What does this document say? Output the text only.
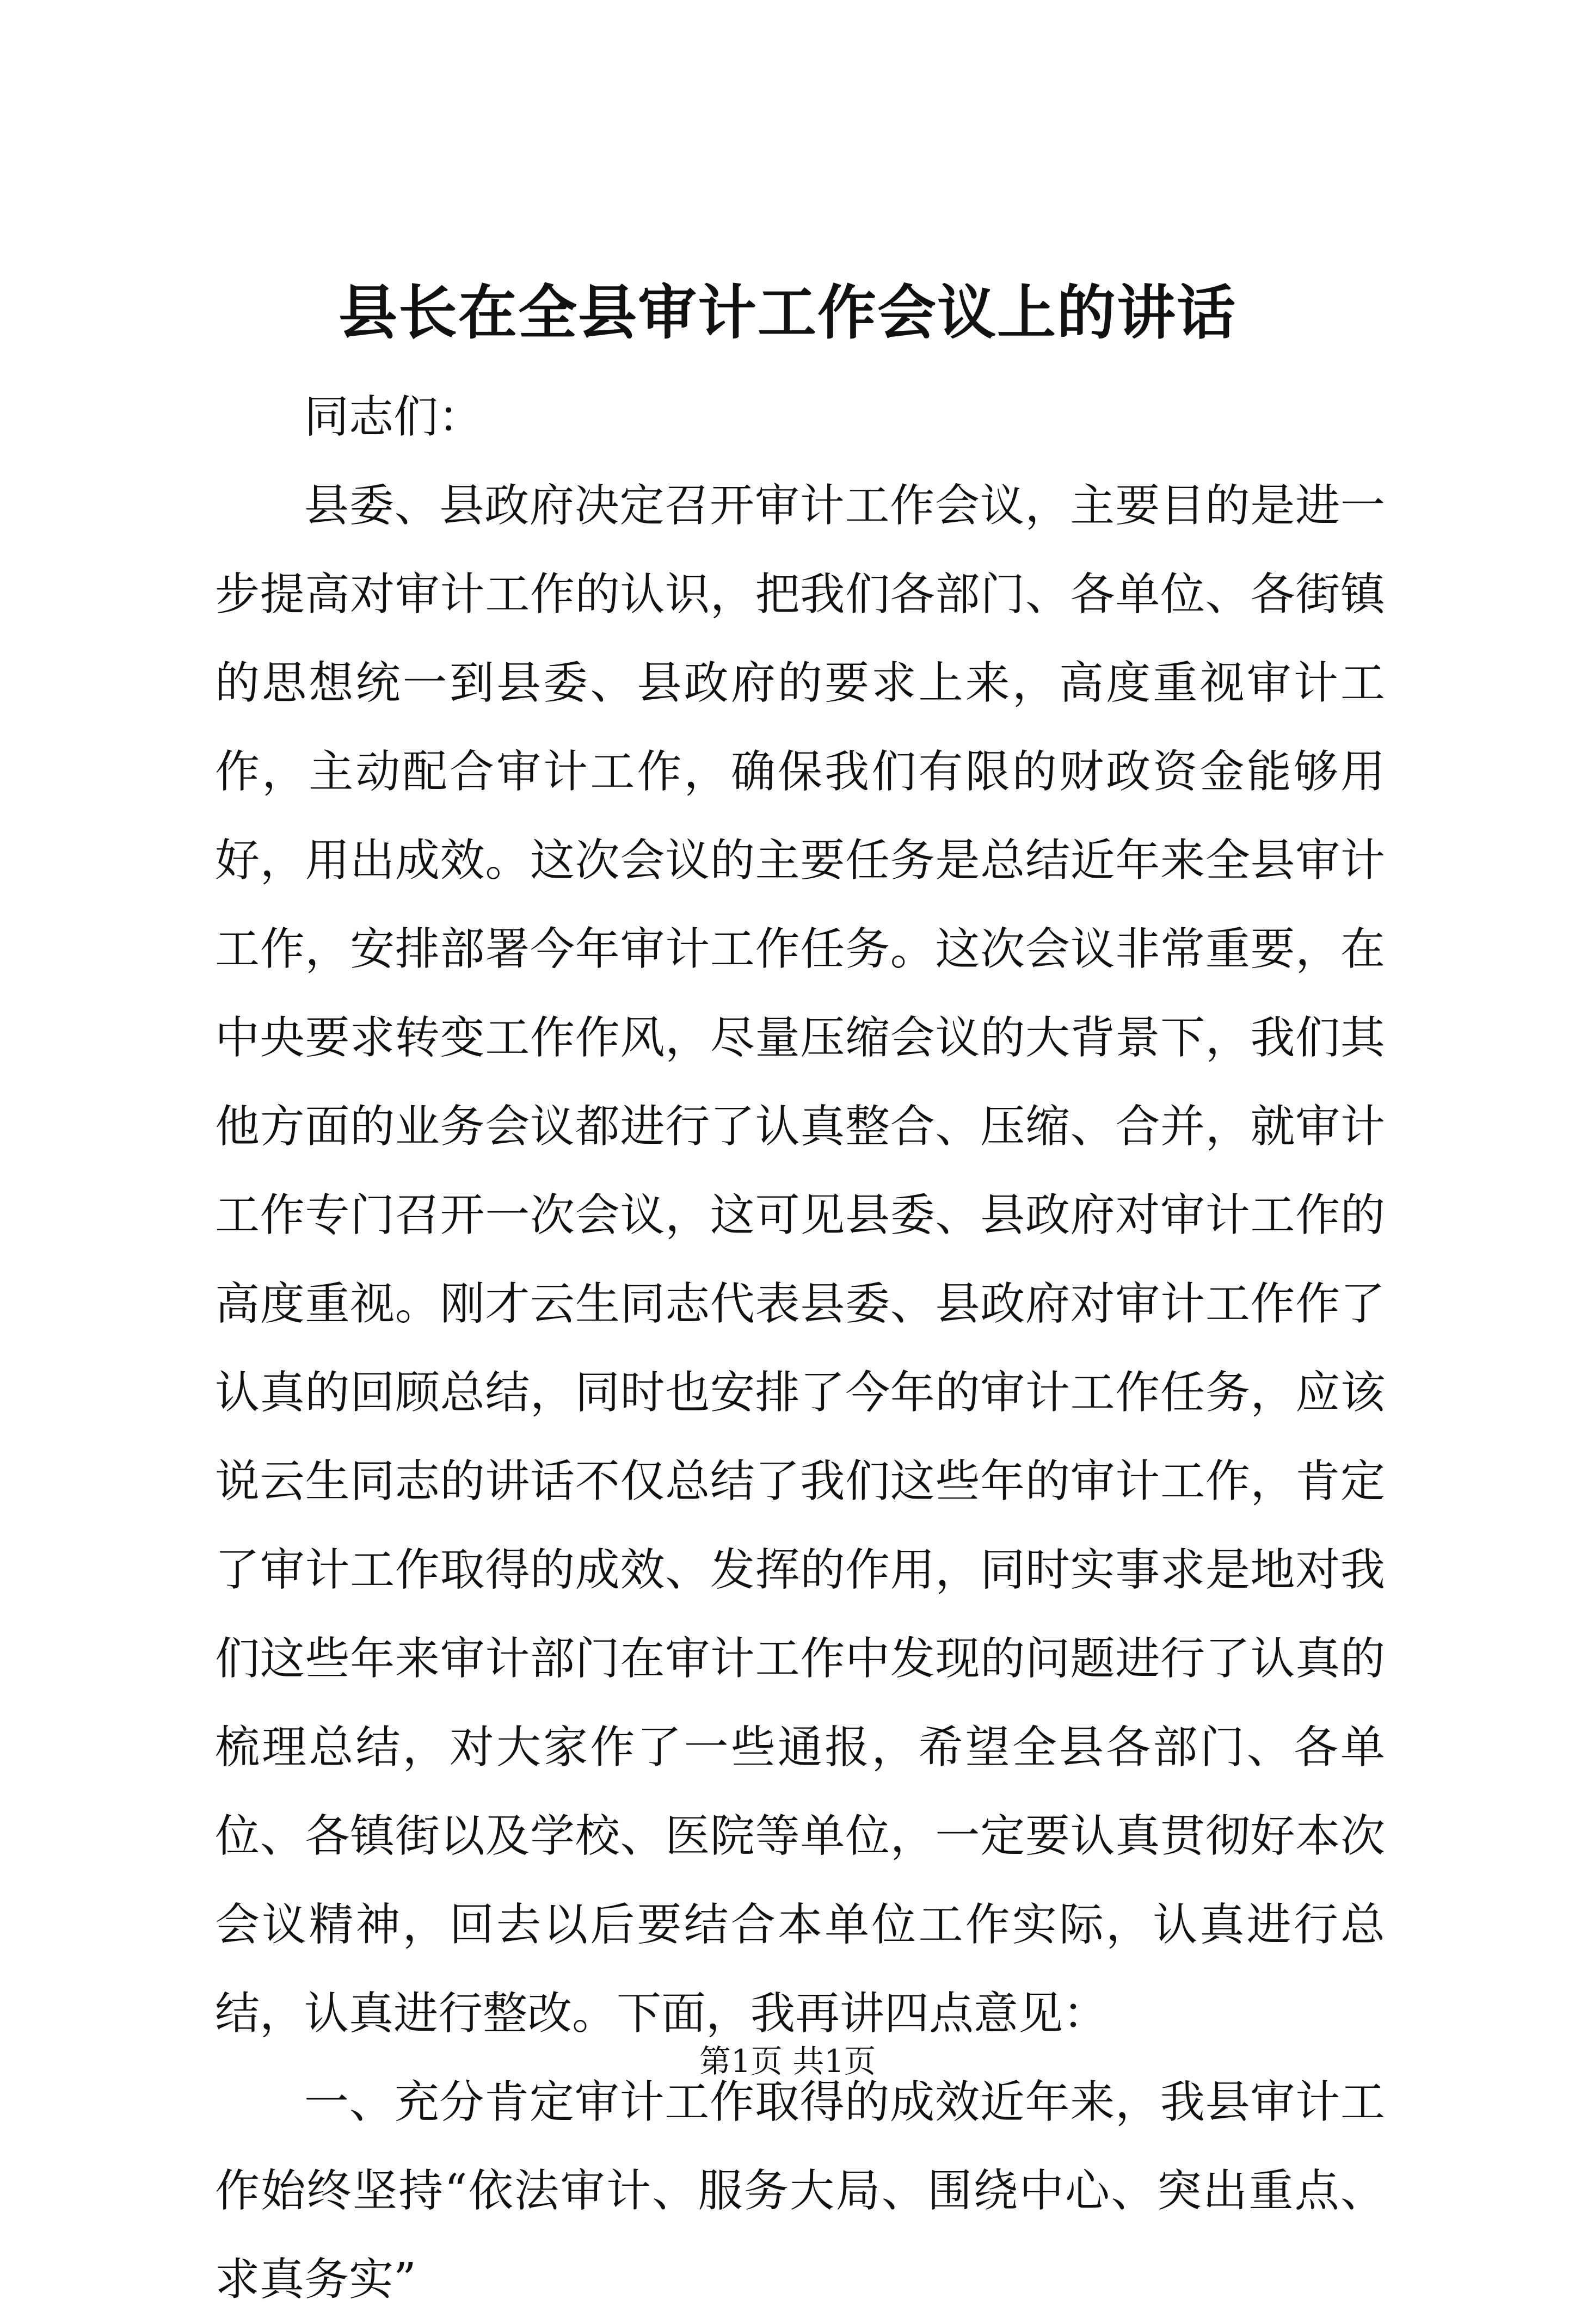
县长在全县审计工作会议上的讲话

同志们：

县委、县政府决定召开审计工作会议，主要目的是进一步提高对审计工作的认识，把我们各部门、各单位、各街镇的思想统一到县委、县政府的要求上来，高度重视审计工作，主动配合审计工作，确保我们有限的财政资金能够用好，用出成效。这次会议的主要任务是总结近年来全县审计工作，安排部署今年审计工作任务。这次会议非常重要，在中央要求转变工作作风，尽量压缩会议的大背景下，我们其他方面的业务会议都进行了认真整合、压缩、合并，就审计工作专门召开一次会议，这可见县委、县政府对审计工作的高度重视。刚才云生同志代表县委、县政府对审计工作作了认真的回顾总结，同时也安排了今年的审计工作任务，应该说云生同志的讲话不仅总结了我们这些年的审计工作，肯定了审计工作取得的成效、发挥的作用，同时实事求是地对我们这些年来审计部门在审计工作中发现的问题进行了认真的梳理总结，对大家作了一些通报，希望全县各部门、各单位、各镇街以及学校、医院等单位，一定要认真贯彻好本次会议精神，回去以后要结合本单位工作实际，认真进行总结，认真进行整改。下面，我再讲四点意见：

一、充分肯定审计工作取得的成效近年来，我县审计工作始终坚持“依法审计、服务大局、围绕中心、突出重点、求真务实”

第1页 共1页
